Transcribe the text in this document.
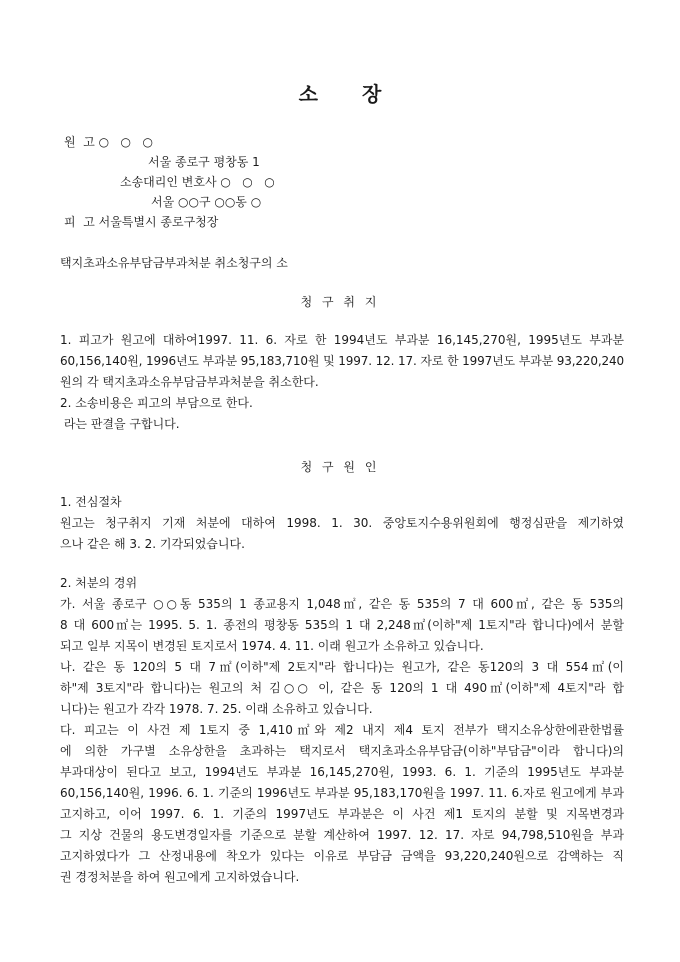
소 장
원  고 ○   ○   ○
서울 종로구 평창동 1
소송대리인 변호사 ○   ○   ○
서울 ○○구 ○○동 ○
피  고 서울특별시 종로구청장
택지초과소유부담금부과처분 취소청구의 소
청 구 취 지
1. 피고가 원고에 대하여1997. 11. 6. 자로 한 1994년도 부과분 16,145,270원, 1995년도 부과분
60,156,140원, 1996년도 부과분 95,183,710원 및 1997. 12. 17. 자로 한 1997년도 부과분 93,220,240
원의 각 택지초과소유부담금부과처분을 취소한다.
2. 소송비용은 피고의 부담으로 한다.
라는 판결을 구합니다.
청 구 원 인
1. 전심절차
원고는 청구취지 기재 처분에 대하여 1998. 1. 30. 중앙토지수용위원회에 행정심판을 제기하였
으나 같은 해 3. 2. 기각되었습니다.
2. 처분의 경위
가. 서울 종로구 ○○동 535의 1 종교용지 1,048㎡, 같은 동 535의 7 대 600㎡, 같은 동 535의
8 대 600㎡는 1995. 5. 1. 종전의 평창동 535의 1 대 2,248㎡(이하"제 1토지"라 합니다)에서 분할
되고 일부 지목이 변경된 토지로서 1974. 4. 11. 이래 원고가 소유하고 있습니다.
나. 같은 동 120의 5 대 7㎡(이하"제 2토지"라 합니다)는 원고가, 같은 동120의 3 대 554㎡(이
하"제 3토지"라 합니다)는 원고의 처 김○○ 이, 같은 동 120의 1 대 490㎡(이하"제 4토지"라 합
니다)는 원고가 각각 1978. 7. 25. 이래 소유하고 있습니다.
다. 피고는 이 사건 제 1토지 중 1,410㎡와 제2 내지 제4 토지 전부가 택지소유상한에관한법률
에 의한 가구별 소유상한을 초과하는 택지로서 택지초과소유부담금(이하"부담금"이라 합니다)의
부과대상이 된다고 보고, 1994년도 부과분 16,145,270원, 1993. 6. 1. 기준의 1995년도 부과분
60,156,140원, 1996. 6. 1. 기준의 1996년도 부과분 95,183,170원을 1997. 11. 6.자로 원고에게 부과
고지하고, 이어 1997. 6. 1. 기준의 1997년도 부과분은 이 사건 제1 토지의 분할 및 지목변경과
그 지상 건물의 용도변경일자를 기준으로 분할 계산하여 1997. 12. 17. 자로 94,798,510원을 부과
고지하였다가 그 산정내용에 착오가 있다는 이유로 부담금 금액을 93,220,240원으로 감액하는 직
권 경정처분을 하여 원고에게 고지하였습니다.
